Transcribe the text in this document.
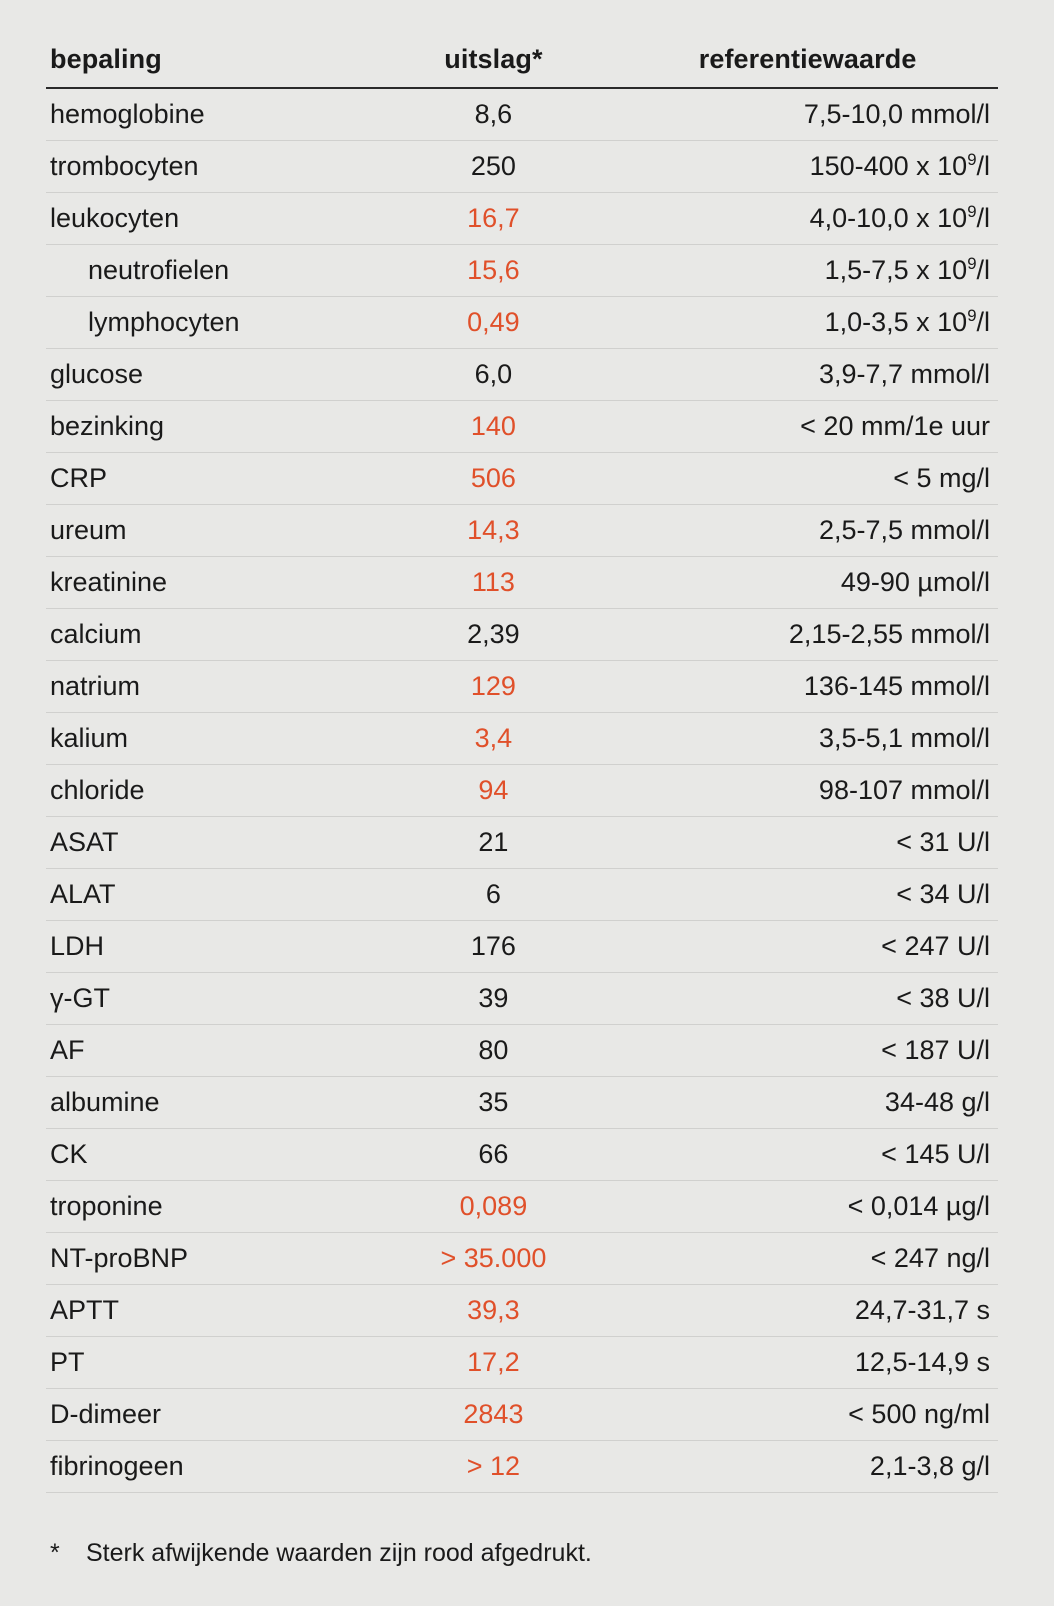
bepaling	uitslag*	referentiewaarde
hemoglobine	8,6	7,5-10,0 mmol/l
trombocyten	250	150-400 x $10^9/l$
leukocyten	16,7	4,0-10,0 x $10^9/l$
neutrofielen	15,6	1,5-7,5 x $10^9/l$
lymphocyten	0,49	1,0-3,5 x $10^9/l$
glucose	6,0	3,9-7,7 mmol/l
bezinking	140	< 20 mm/1e uur
CRP	506	< 5 mg/l
ureum	14,3	2,5-7,5 mmol/l
kreatinine	113	49-90 µmol/l
calcium	2,39	2,15-2,55 mmol/l
natrium	129	136-145 mmol/l
kalium	3,4	3,5-5,1 mmol/l
chloride	94	98-107 mmol/l
ASAT	21	< 31 U/l
ALAT	6	< 34 U/l
LDH	176	< 247 U/l
γ-GT	39	< 38 U/l
AF	80	< 187 U/l
albumine	35	34-48 g/l
CK	66	< 145 U/l
troponine	0,089	< 0,014 µg/l
NT-proBNP	> 35.000	< 247 ng/l
APTT	39,3	24,7-31,7 s
PT	17,2	12,5-14,9 s
D-dimeer	2843	< 500 ng/ml
fibrinogeen	> 12	2,1-3,8 g/l
* Sterk afwijkende waarden zijn rood afgedrukt.
